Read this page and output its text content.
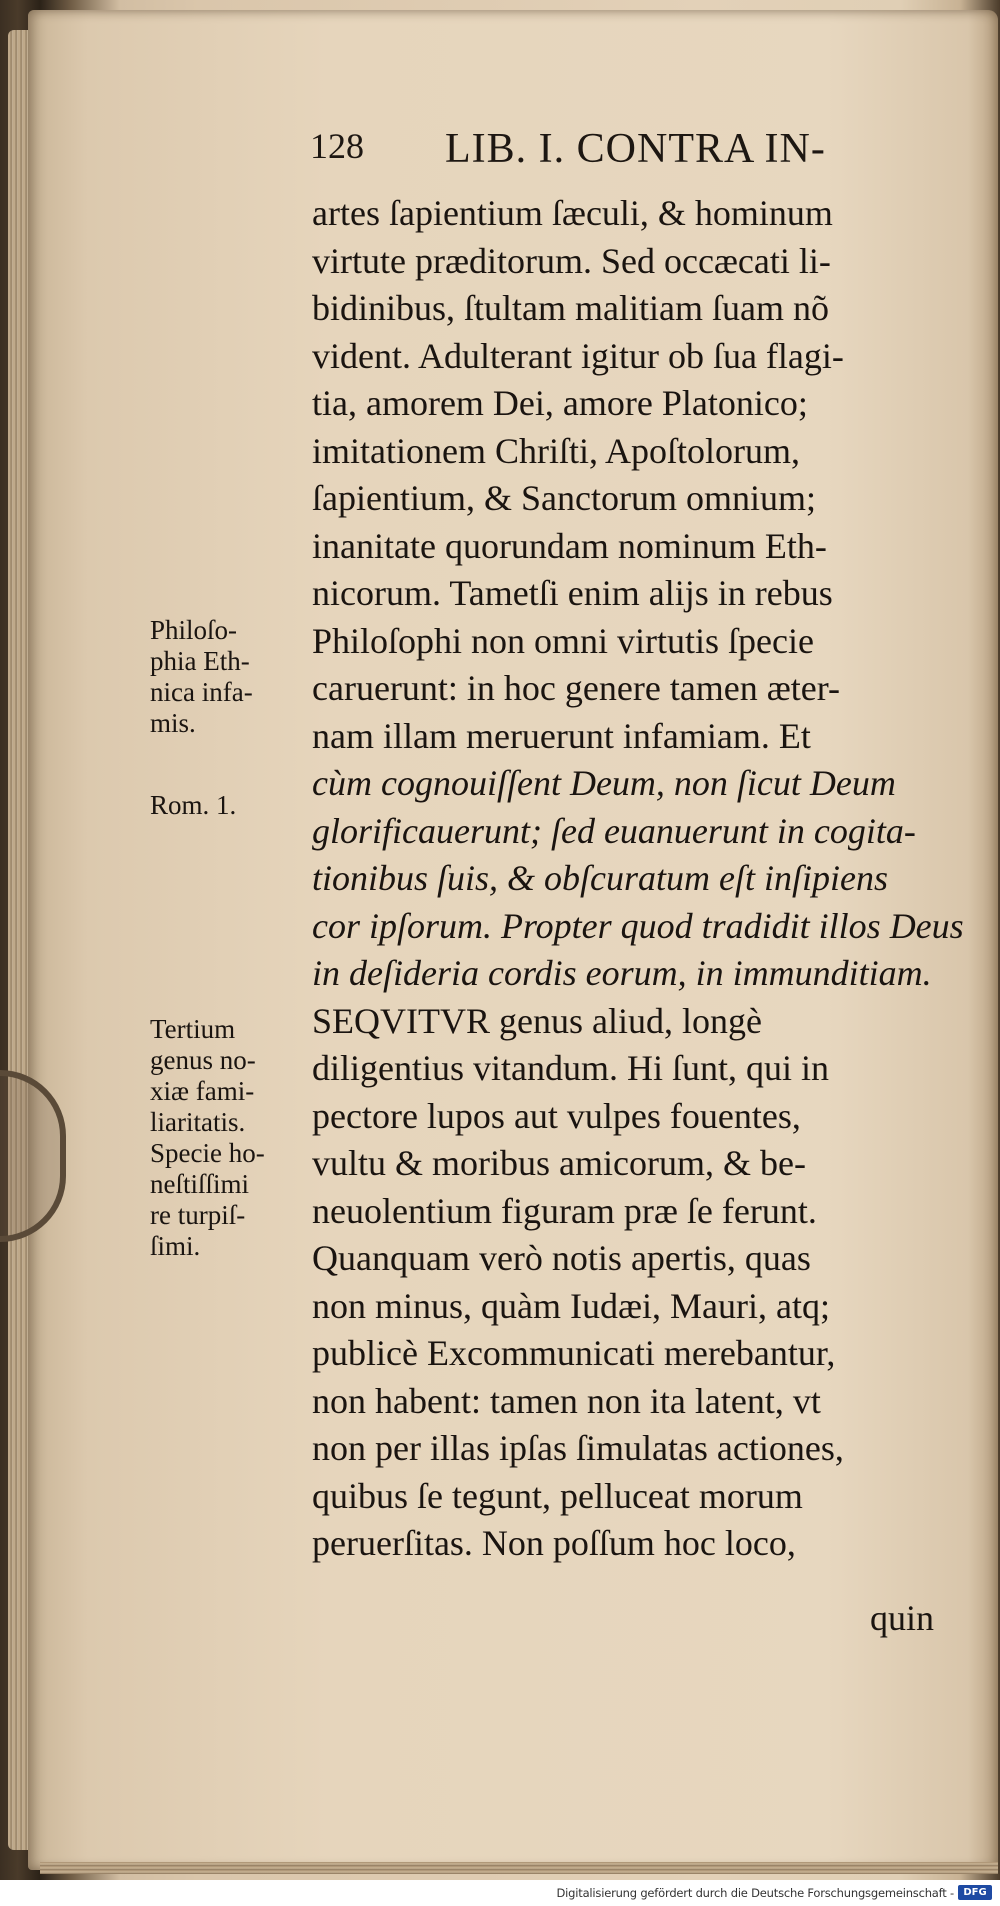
128 LIB. I. CONTRA IN-
artes ſapientium ſæculi, & hominum
virtute præditorum. Sed occæcati li-
bidinibus, ſtultam malitiam ſuam nõ
vident. Adulterant igitur ob ſua flagi-
tia, amorem Dei, amore Platonico;
imitationem Chriſti, Apoſtolorum,
ſapientium, & Sanctorum omnium;
inanitate quorundam nominum Eth-
nicorum. Tametſi enim alijs in rebus
Philoſophi non omni virtutis ſpecie
caruerunt: in hoc genere tamen æter-
nam illam meruerunt infamiam. Et
cùm cognouiſſent Deum, non ſicut Deum
glorificauerunt; ſed euanuerunt in cogita-
tionibus ſuis, & obſcuratum eſt inſipiens
cor ipſorum. Propter quod tradidit illos Deus
in deſideria cordis eorum, in immunditiam.
SEQVITVR genus aliud, longè
diligentius vitandum. Hi ſunt, qui in
pectore lupos aut vulpes fouentes,
vultu & moribus amicorum, & be-
neuolentium figuram præ ſe ferunt.
Quanquam verò notis apertis, quas
non minus, quàm Iudæi, Mauri, atq;
publicè Excommunicati merebantur,
non habent: tamen non ita latent, vt
non per illas ipſas ſimulatas actiones,
quibus ſe tegunt, pelluceat morum
peruerſitas. Non poſſum hoc loco,
Philoſo-
phia Eth-
nica infa-
mis.
Rom. 1.
Tertium
genus no-
xiæ fami-
liaritatis.
Specie ho-
neſtiſſimi
re turpiſ-
ſimi.
quin
Digitalisierung gefördert durch die Deutsche Forschungsgemeinschaft - DFG
